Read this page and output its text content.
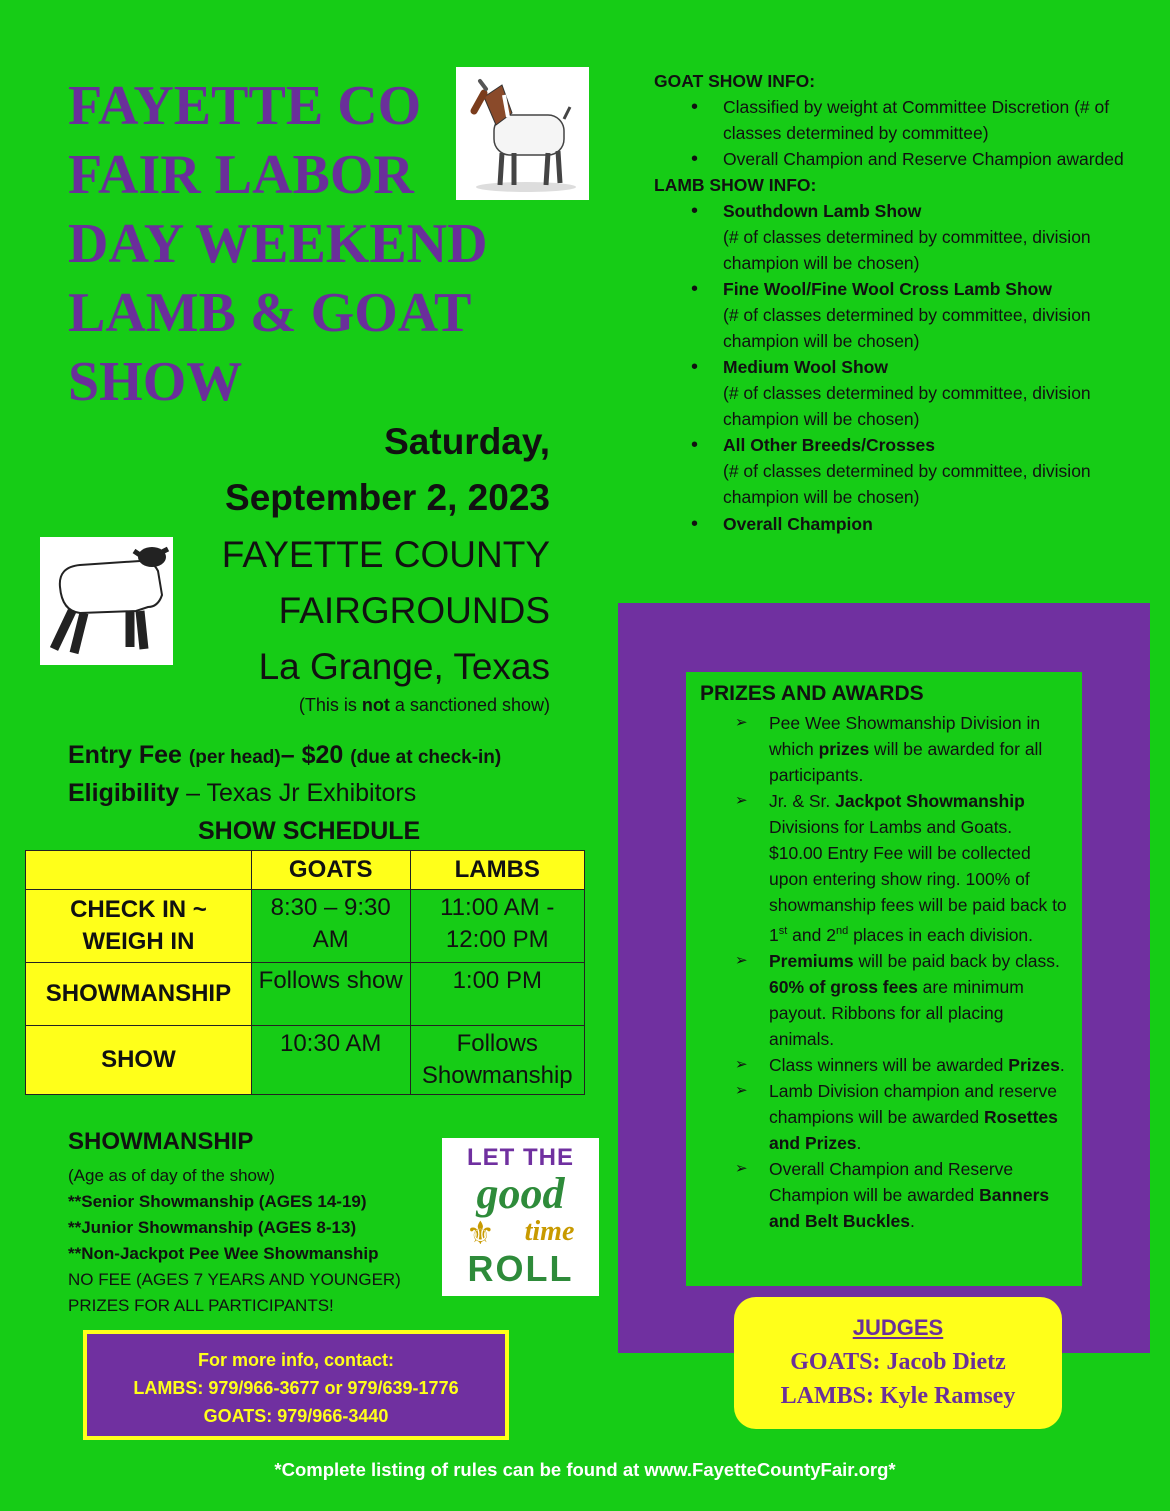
FAYETTE CO
FAIR LABOR
DAY WEEKEND
LAMB & GOAT
SHOW
Saturday,
September 2, 2023
FAYETTE COUNTY
FAIRGROUNDS
La Grange, Texas
(This is not a sanctioned show)
Entry Fee (per head)– $20 (due at check-in)
Eligibility – Texas Jr Exhibitors
SHOW SCHEDULE
	GOATS	LAMBS
CHECK IN ~ WEIGH IN	8:30 – 9:30 AM	11:00 AM - 12:00 PM
SHOWMANSHIP	Follows show	1:00 PM
SHOW	10:30 AM	Follows Showmanship
SHOWMANSHIP
(Age as of day of the show)
**Senior Showmanship (AGES 14-19)
**Junior Showmanship (AGES 8-13)
**Non-Jackpot Pee Wee Showmanship
NO FEE (AGES 7 YEARS AND YOUNGER)
PRIZES FOR ALL PARTICIPANTS!
LET THE
good
time
⚜
ROLL
For more info, contact:
LAMBS: 979/966-3677 or 979/639-1776
GOATS: 979/966-3440
GOAT SHOW INFO:
• Classified by weight at Committee Discretion (# of classes determined by committee)
• Overall Champion and Reserve Champion awarded
LAMB SHOW INFO:
• Southdown Lamb Show
(# of classes determined by committee, division champion will be chosen)
• Fine Wool/Fine Wool Cross Lamb Show
(# of classes determined by committee, division champion will be chosen)
• Medium Wool Show
(# of classes determined by committee, division champion will be chosen)
• All Other Breeds/Crosses
(# of classes determined by committee, division champion will be chosen)
• Overall Champion
PRIZES AND AWARDS
➢ Pee Wee Showmanship Division in which prizes will be awarded for all participants.
➢ Jr. & Sr. Jackpot Showmanship Divisions for Lambs and Goats. $10.00 Entry Fee will be collected upon entering show ring. 100% of showmanship fees will be paid back to 1st and 2nd places in each division.
➢ Premiums will be paid back by class. 60% of gross fees are minimum payout. Ribbons for all placing animals.
➢ Class winners will be awarded Prizes.
➢ Lamb Division champion and reserve champions will be awarded Rosettes and Prizes.
➢ Overall Champion and Reserve Champion will be awarded Banners and Belt Buckles.
JUDGES
GOATS: Jacob Dietz
LAMBS: Kyle Ramsey
*Complete listing of rules can be found at www.FayetteCountyFair.org*
